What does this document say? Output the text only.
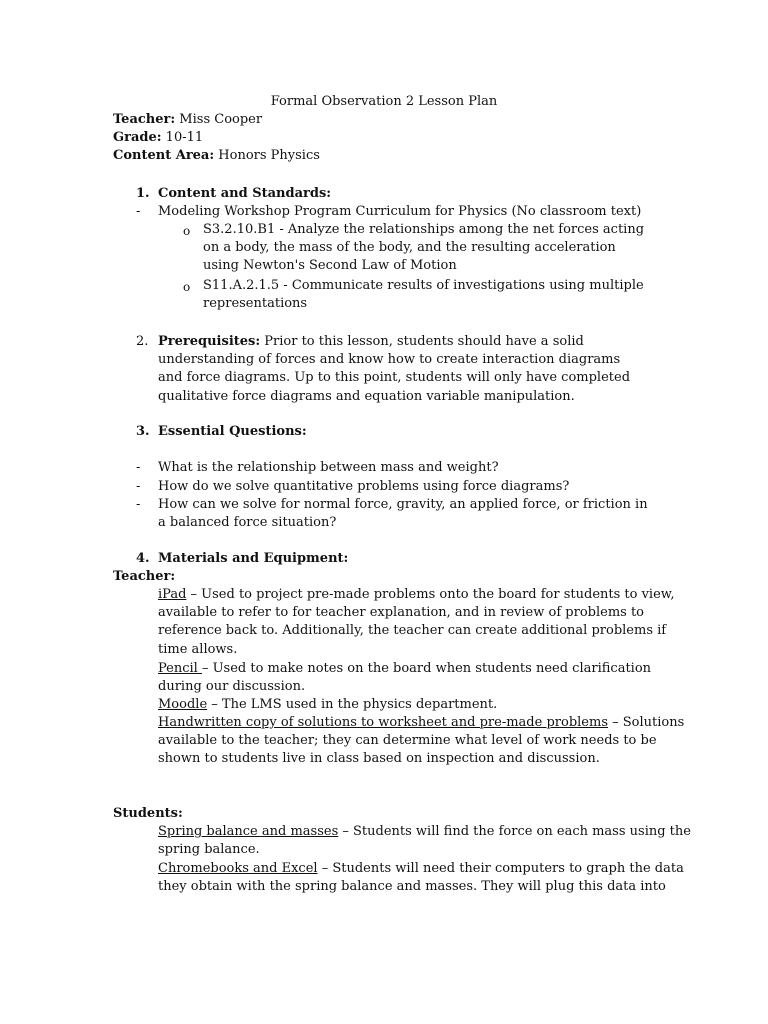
Formal Observation 2 Lesson Plan
Teacher: Miss Cooper
Grade: 10-11
Content Area: Honors Physics
1. Content and Standards:
- Modeling Workshop Program Curriculum for Physics (No classroom text)
o S3.2.10.B1 - Analyze the relationships among the net forces acting on a body, the mass of the body, and the resulting acceleration using Newton's Second Law of Motion
o S11.A.2.1.5 - Communicate results of investigations using multiple representations
2. Prerequisites: Prior to this lesson, students should have a solid understanding of forces and know how to create interaction diagrams and force diagrams. Up to this point, students will only have completed qualitative force diagrams and equation variable manipulation.
3. Essential Questions:
- What is the relationship between mass and weight?
- How do we solve quantitative problems using force diagrams?
- How can we solve for normal force, gravity, an applied force, or friction in a balanced force situation?
4. Materials and Equipment:
Teacher:
iPad – Used to project pre-made problems onto the board for students to view, available to refer to for teacher explanation, and in review of problems to reference back to. Additionally, the teacher can create additional problems if time allows.
Pencil – Used to make notes on the board when students need clarification during our discussion.
Moodle – The LMS used in the physics department.
Handwritten copy of solutions to worksheet and pre-made problems – Solutions available to the teacher; they can determine what level of work needs to be shown to students live in class based on inspection and discussion.
Students:
Spring balance and masses – Students will find the force on each mass using the spring balance.
Chromebooks and Excel – Students will need their computers to graph the data they obtain with the spring balance and masses. They will plug this data into
